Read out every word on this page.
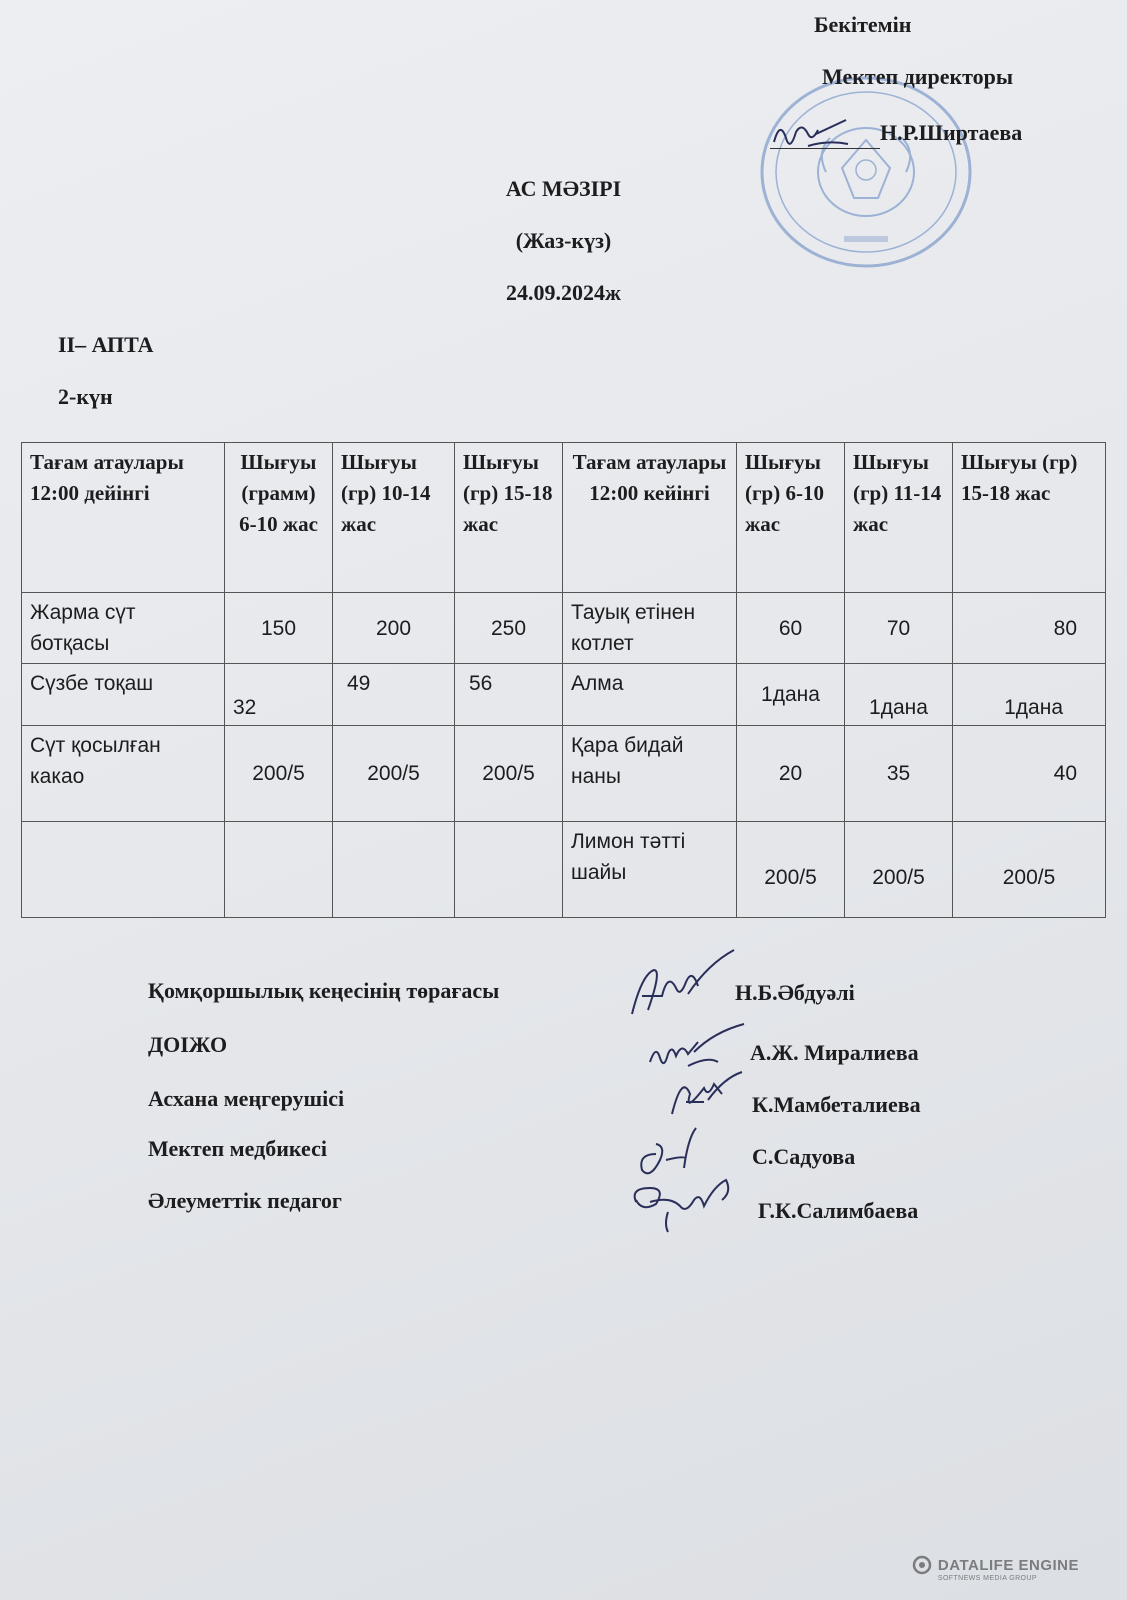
Бекітемін
Мектеп директоры
Н.Р.Ширтаева
АС МӘЗІРІ
(Жаз-күз)
24.09.2024ж
II– АПТА
2-күн
Тағам атаулары 12:00 дейінгі	Шығуы (грамм) 6-10 жас	Шығуы (гр) 10-14 жас	Шығуы (гр) 15-18 жас	Тағам атаулары 12:00 кейінгі	Шығуы (гр) 6-10 жас	Шығуы (гр) 11-14 жас	Шығуы (гр) 15-18 жас
Жарма сүт ботқасы	150	200	250	Тауық етінен котлет	60	70	80
Сүзбе тоқаш	32	49	56	Алма	1дана	1дана	1дана
Сүт қосылған какао	200/5	200/5	200/5	Қара бидай наны	20	35	40
				Лимон тәтті шайы	200/5	200/5	200/5
Қомқоршылық кеңесінің төрағасы	Н.Б.Әбдуәлі
ДОІЖО	А.Ж. Миралиева
Асхана меңгерушісі	К.Мамбеталиева
Мектеп медбикесі	С.Садуова
Әлеуметтік педагог	Г.К.Салимбаева
DATALIFE ENGINE
SOFTNEWS MEDIA GROUP
